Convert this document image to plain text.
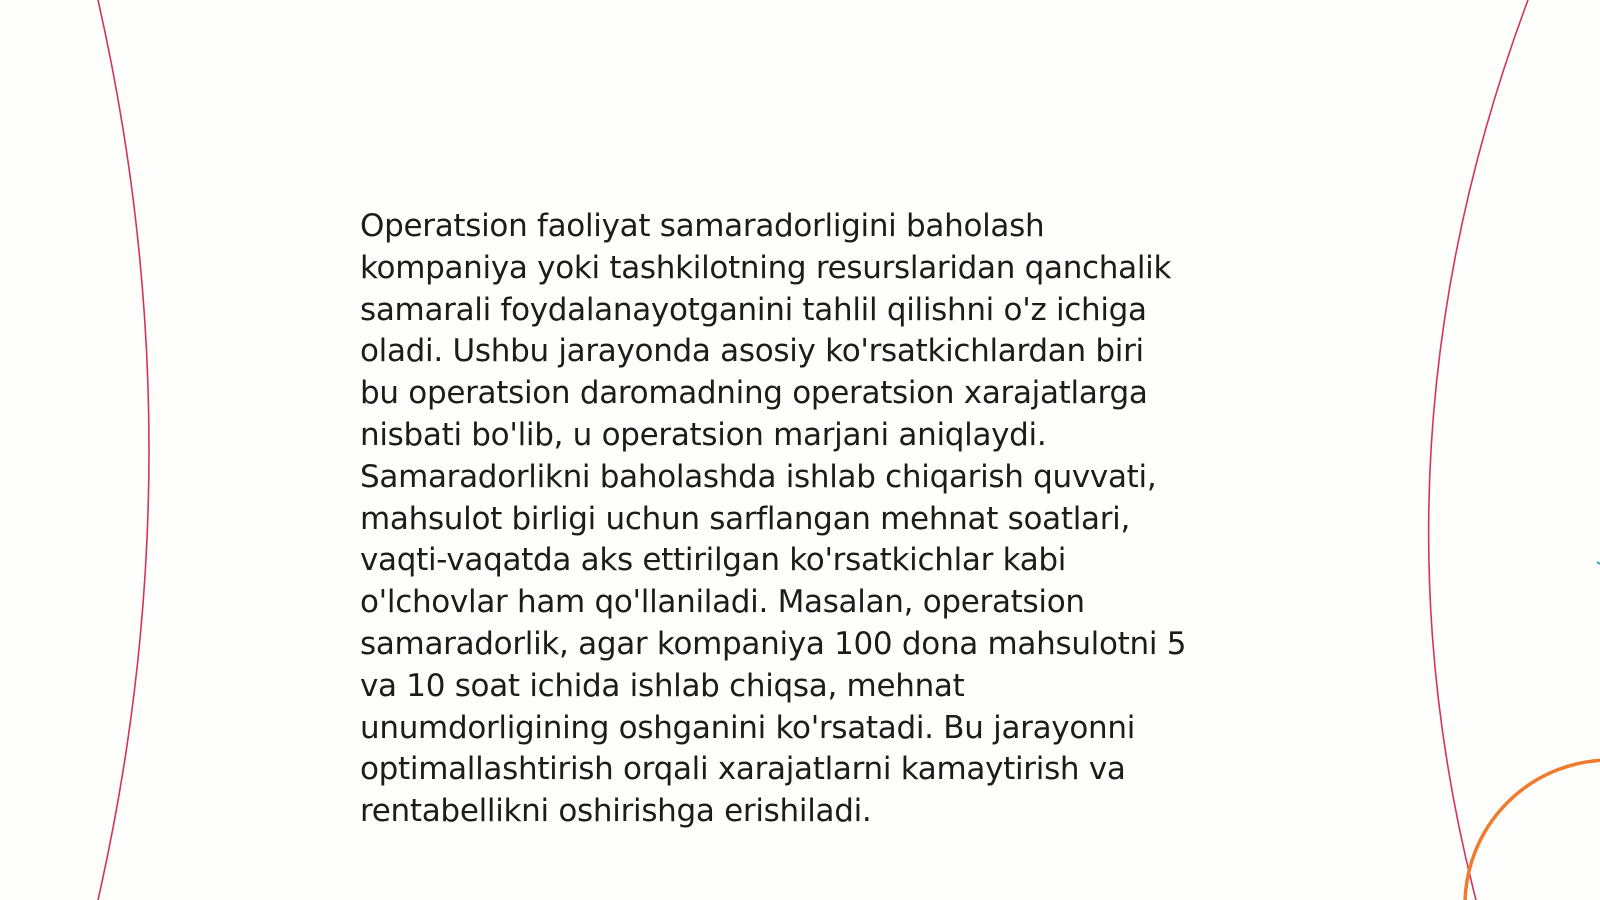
Operatsion faoliyat samaradorligini baholash
kompaniya yoki tashkilotning resurslaridan qanchalik
samarali foydalanayotganini tahlil qilishni o'z ichiga
oladi. Ushbu jarayonda asosiy ko'rsatkichlardan biri
bu operatsion daromadning operatsion xarajatlarga
nisbati bo'lib, u operatsion marjani aniqlaydi.
Samaradorlikni baholashda ishlab chiqarish quvvati,
mahsulot birligi uchun sarflangan mehnat soatlari,
vaqti-vaqatda aks ettirilgan ko'rsatkichlar kabi
o'lchovlar ham qo'llaniladi. Masalan, operatsion
samaradorlik, agar kompaniya 100 dona mahsulotni 5
va 10 soat ichida ishlab chiqsa, mehnat
unumdorligining oshganini ko'rsatadi. Bu jarayonni
optimallashtirish orqali xarajatlarni kamaytirish va
rentabellikni oshirishga erishiladi.
